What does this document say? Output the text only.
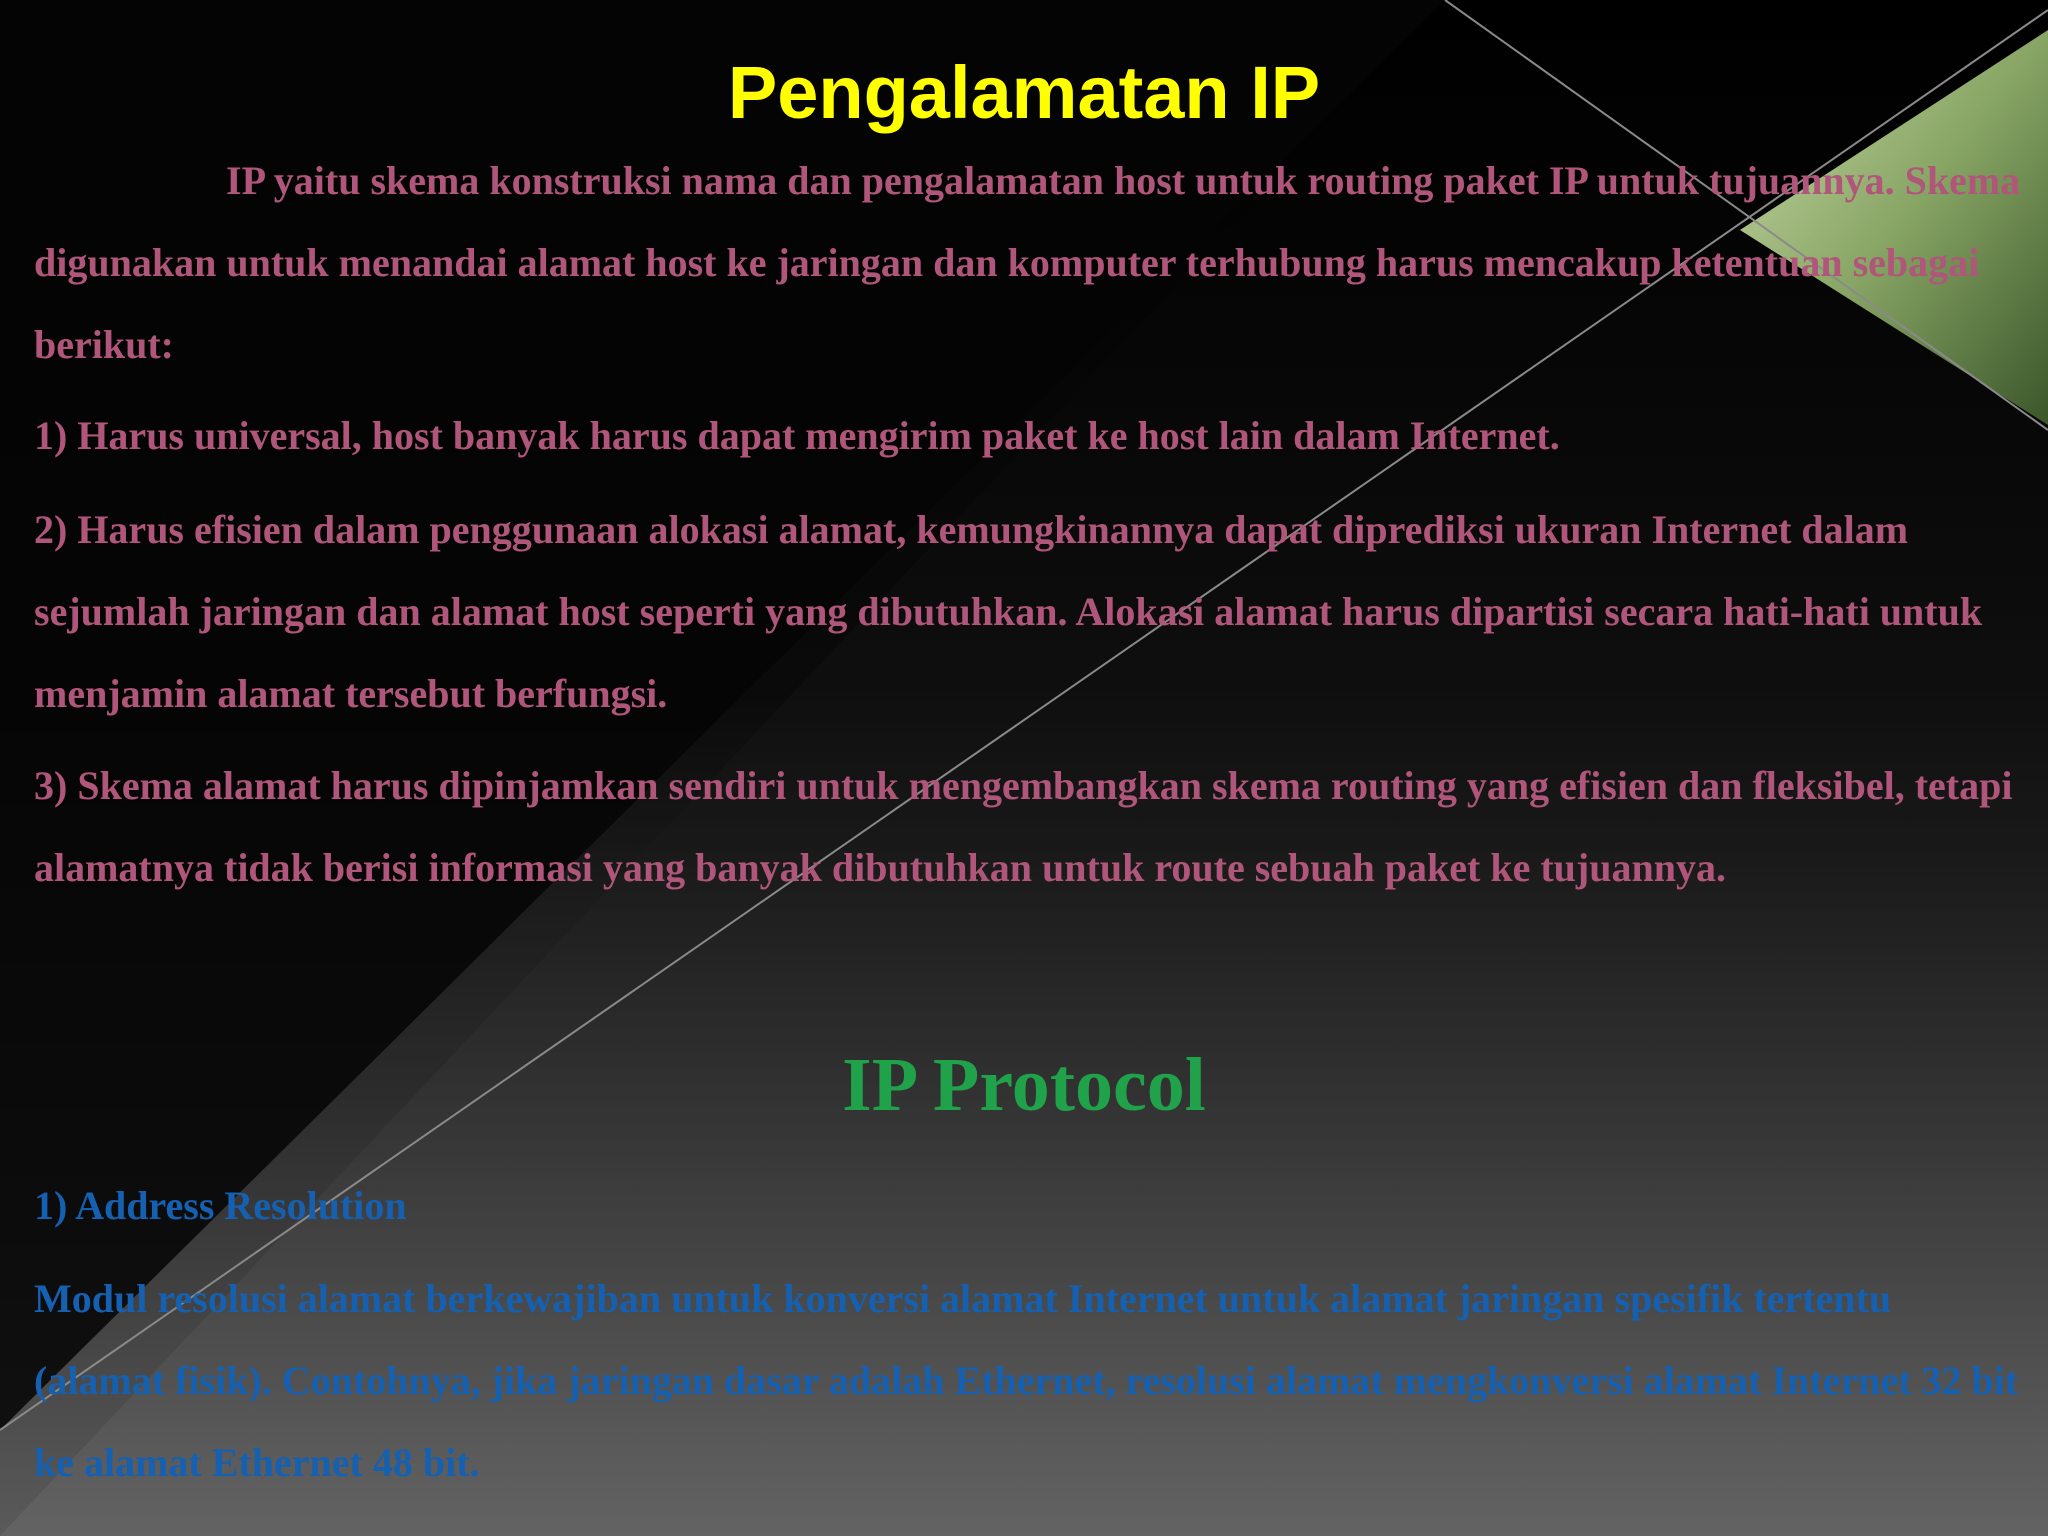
Pengalamatan IP

IP yaitu skema konstruksi nama dan pengalamatan host untuk routing paket IP untuk tujuannya. Skema digunakan untuk menandai alamat host ke jaringan dan komputer terhubung harus mencakup ketentuan sebagai berikut:

1) Harus universal, host banyak harus dapat mengirim paket ke host lain dalam Internet.

2) Harus efisien dalam penggunaan alokasi alamat, kemungkinannya dapat diprediksi ukuran Internet dalam sejumlah jaringan dan alamat host seperti yang dibutuhkan. Alokasi alamat harus dipartisi secara hati-hati untuk menjamin alamat tersebut berfungsi.

3) Skema alamat harus dipinjamkan sendiri untuk mengembangkan skema routing yang efisien dan fleksibel, tetapi alamatnya tidak berisi informasi yang banyak dibutuhkan untuk route sebuah paket ke tujuannya.

IP Protocol

1) Address Resolution

Modul resolusi alamat berkewajiban untuk konversi alamat Internet untuk alamat jaringan spesifik tertentu (alamat fisik). Contohnya, jika jaringan dasar adalah Ethernet, resolusi alamat mengkonversi alamat Internet 32 bit ke alamat Ethernet 48 bit.
